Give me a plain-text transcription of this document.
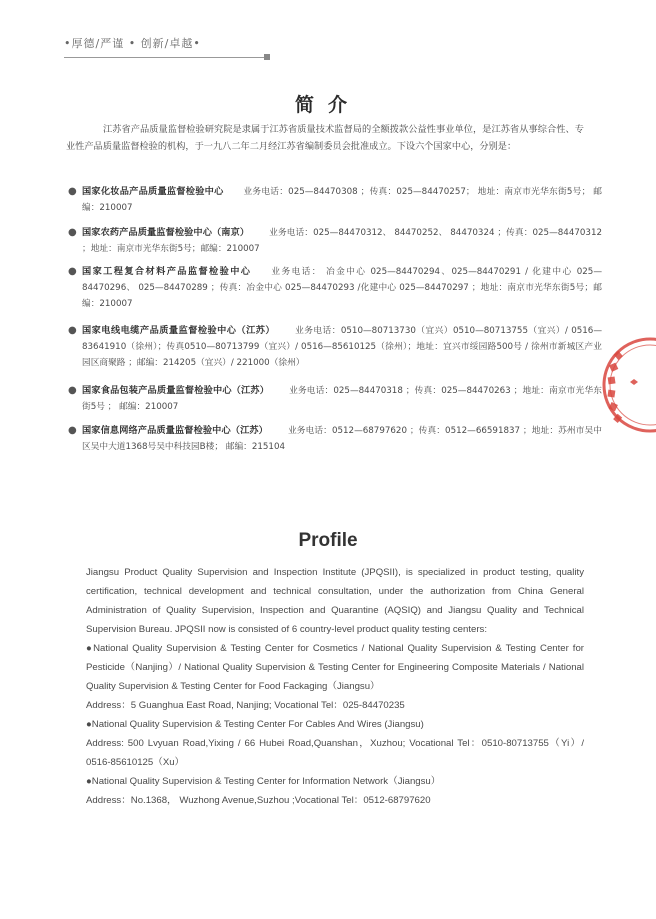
•厚德/严谨 • 创新/卓越•
简介
江苏省产品质量监督检验研究院是隶属于江苏省质量技术监督局的全额拨款公益性事业单位，是江苏省从事综合性、专业性产品质量监督检验的机构，于一九八二年二月经江苏省编制委员会批准成立。下设六个国家中心，分别是：
● 国家化妆品产品质量监督检验中心 业务电话：025—84470308 ；传真：025—84470257； 地址：南京市光华东街5号； 邮编：210007
● 国家农药产品质量监督检验中心（南京） 业务电话：025—84470312、 84470252、 84470324 ；传真：025—84470312 ；地址：南京市光华东街5号；邮编：210007
● 国家工程复合材料产品监督检验中心 业务电话： 冶金中心 025—84470294、025—84470291 / 化建中心 025—84470296、 025—84470289 ；传真：冶金中心 025—84470293 /化建中心 025—84470297 ；地址：南京市光华东街5号；邮编：210007
● 国家电线电缆产品质量监督检验中心（江苏） 业务电话：0510—80713730（宜兴）0510—80713755（宜兴）/ 0516—83641910（徐州）；传真0510—80713799（宜兴）/ 0516—85610125（徐州）；地址：宜兴市绥园路500号 / 徐州市新城区产业园区商聚路 ；邮编：214205（宜兴）/ 221000（徐州）
● 国家食品包装产品质量监督检验中心（江苏） 业务电话：025—84470318 ；传真：025—84470263 ；地址：南京市光华东街5号 ； 邮编：210007
● 国家信息网络产品质量监督检验中心（江苏） 业务电话：0512—68797620 ；传真：0512—66591837 ；地址：苏州市吴中区吴中大道1368号吴中科技园B楼； 邮编：215104
Profile

Jiangsu Product Quality Supervision and Inspection Institute (JPQSII), is specialized in product testing, quality certification, technical development and technical consultation, under the authorization from China General Administration of Quality Supervision, Inspection and Quarantine (AQSIQ) and Jiangsu Quality and Technical Supervision Bureau. JPQSII now is consisted of 6 country-level product quality testing centers:

●National Quality Supervision & Testing Center for Cosmetics / National Quality Supervision & Testing Center for Pesticide（Nanjing）/ National Quality Supervision & Testing Center for Engineering Composite Materials / National Quality Supervision & Testing Center for Food Fackaging（Jiangsu）

Address：5 Guanghua East Road, Nanjing; Vocational Tel：025-84470235

●National Quality Supervision & Testing Center For Cables And Wires (Jiangsu)

Address: 500 Lvyuan Road,Yixing / 66 Hubei Road,Quanshan，Xuzhou; Vocational Tel：0510-80713755（Yi）/ 0516-85610125（Xu）

●National Quality Supervision & Testing Center for Information Network（Jiangsu）

Address：No.1368， Wuzhong Avenue,Suzhou ;Vocational Tel：0512-68797620
